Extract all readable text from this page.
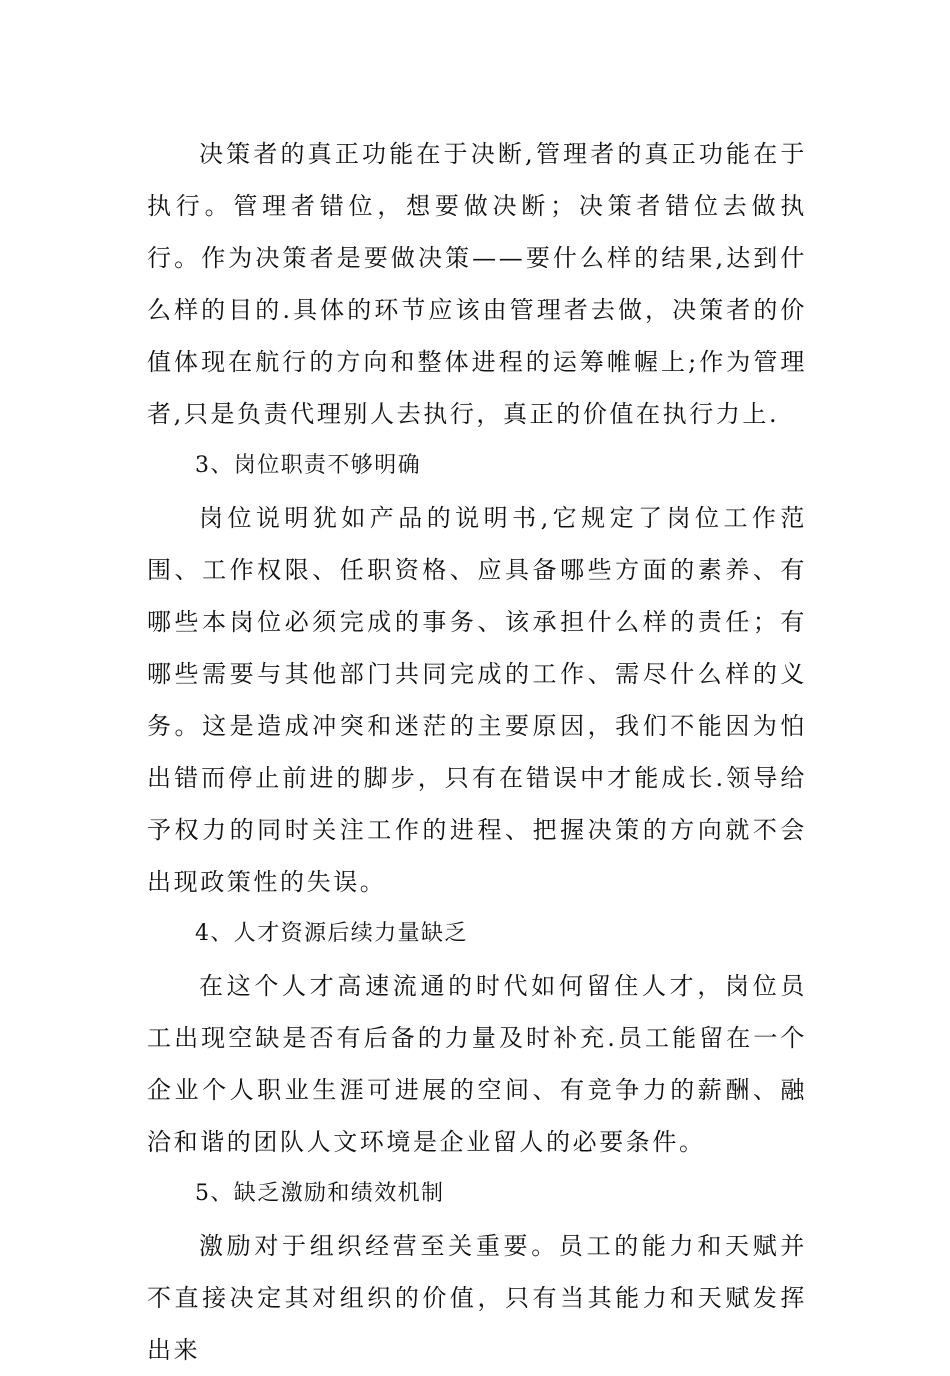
决策者的真正功能在于决断,管理者的真正功能在于执行。管理者错位，想要做决断；决策者错位去做执行。作为决策者是要做决策——要什么样的结果,达到什么样的目的.具体的环节应该由管理者去做，决策者的价值体现在航行的方向和整体进程的运筹帷幄上;作为管理者,只是负责代理别人去执行，真正的价值在执行力上.

3、岗位职责不够明确

岗位说明犹如产品的说明书,它规定了岗位工作范围、工作权限、任职资格、应具备哪些方面的素养、有哪些本岗位必须完成的事务、该承担什么样的责任；有哪些需要与其他部门共同完成的工作、需尽什么样的义务。这是造成冲突和迷茫的主要原因，我们不能因为怕出错而停止前进的脚步，只有在错误中才能成长.领导给予权力的同时关注工作的进程、把握决策的方向就不会出现政策性的失误。

4、人才资源后续力量缺乏

在这个人才高速流通的时代如何留住人才，岗位员工出现空缺是否有后备的力量及时补充.员工能留在一个企业个人职业生涯可进展的空间、有竞争力的薪酬、融洽和谐的团队人文环境是企业留人的必要条件。

5、缺乏激励和绩效机制

激励对于组织经营至关重要。员工的能力和天赋并不直接决定其对组织的价值，只有当其能力和天赋发挥出来
